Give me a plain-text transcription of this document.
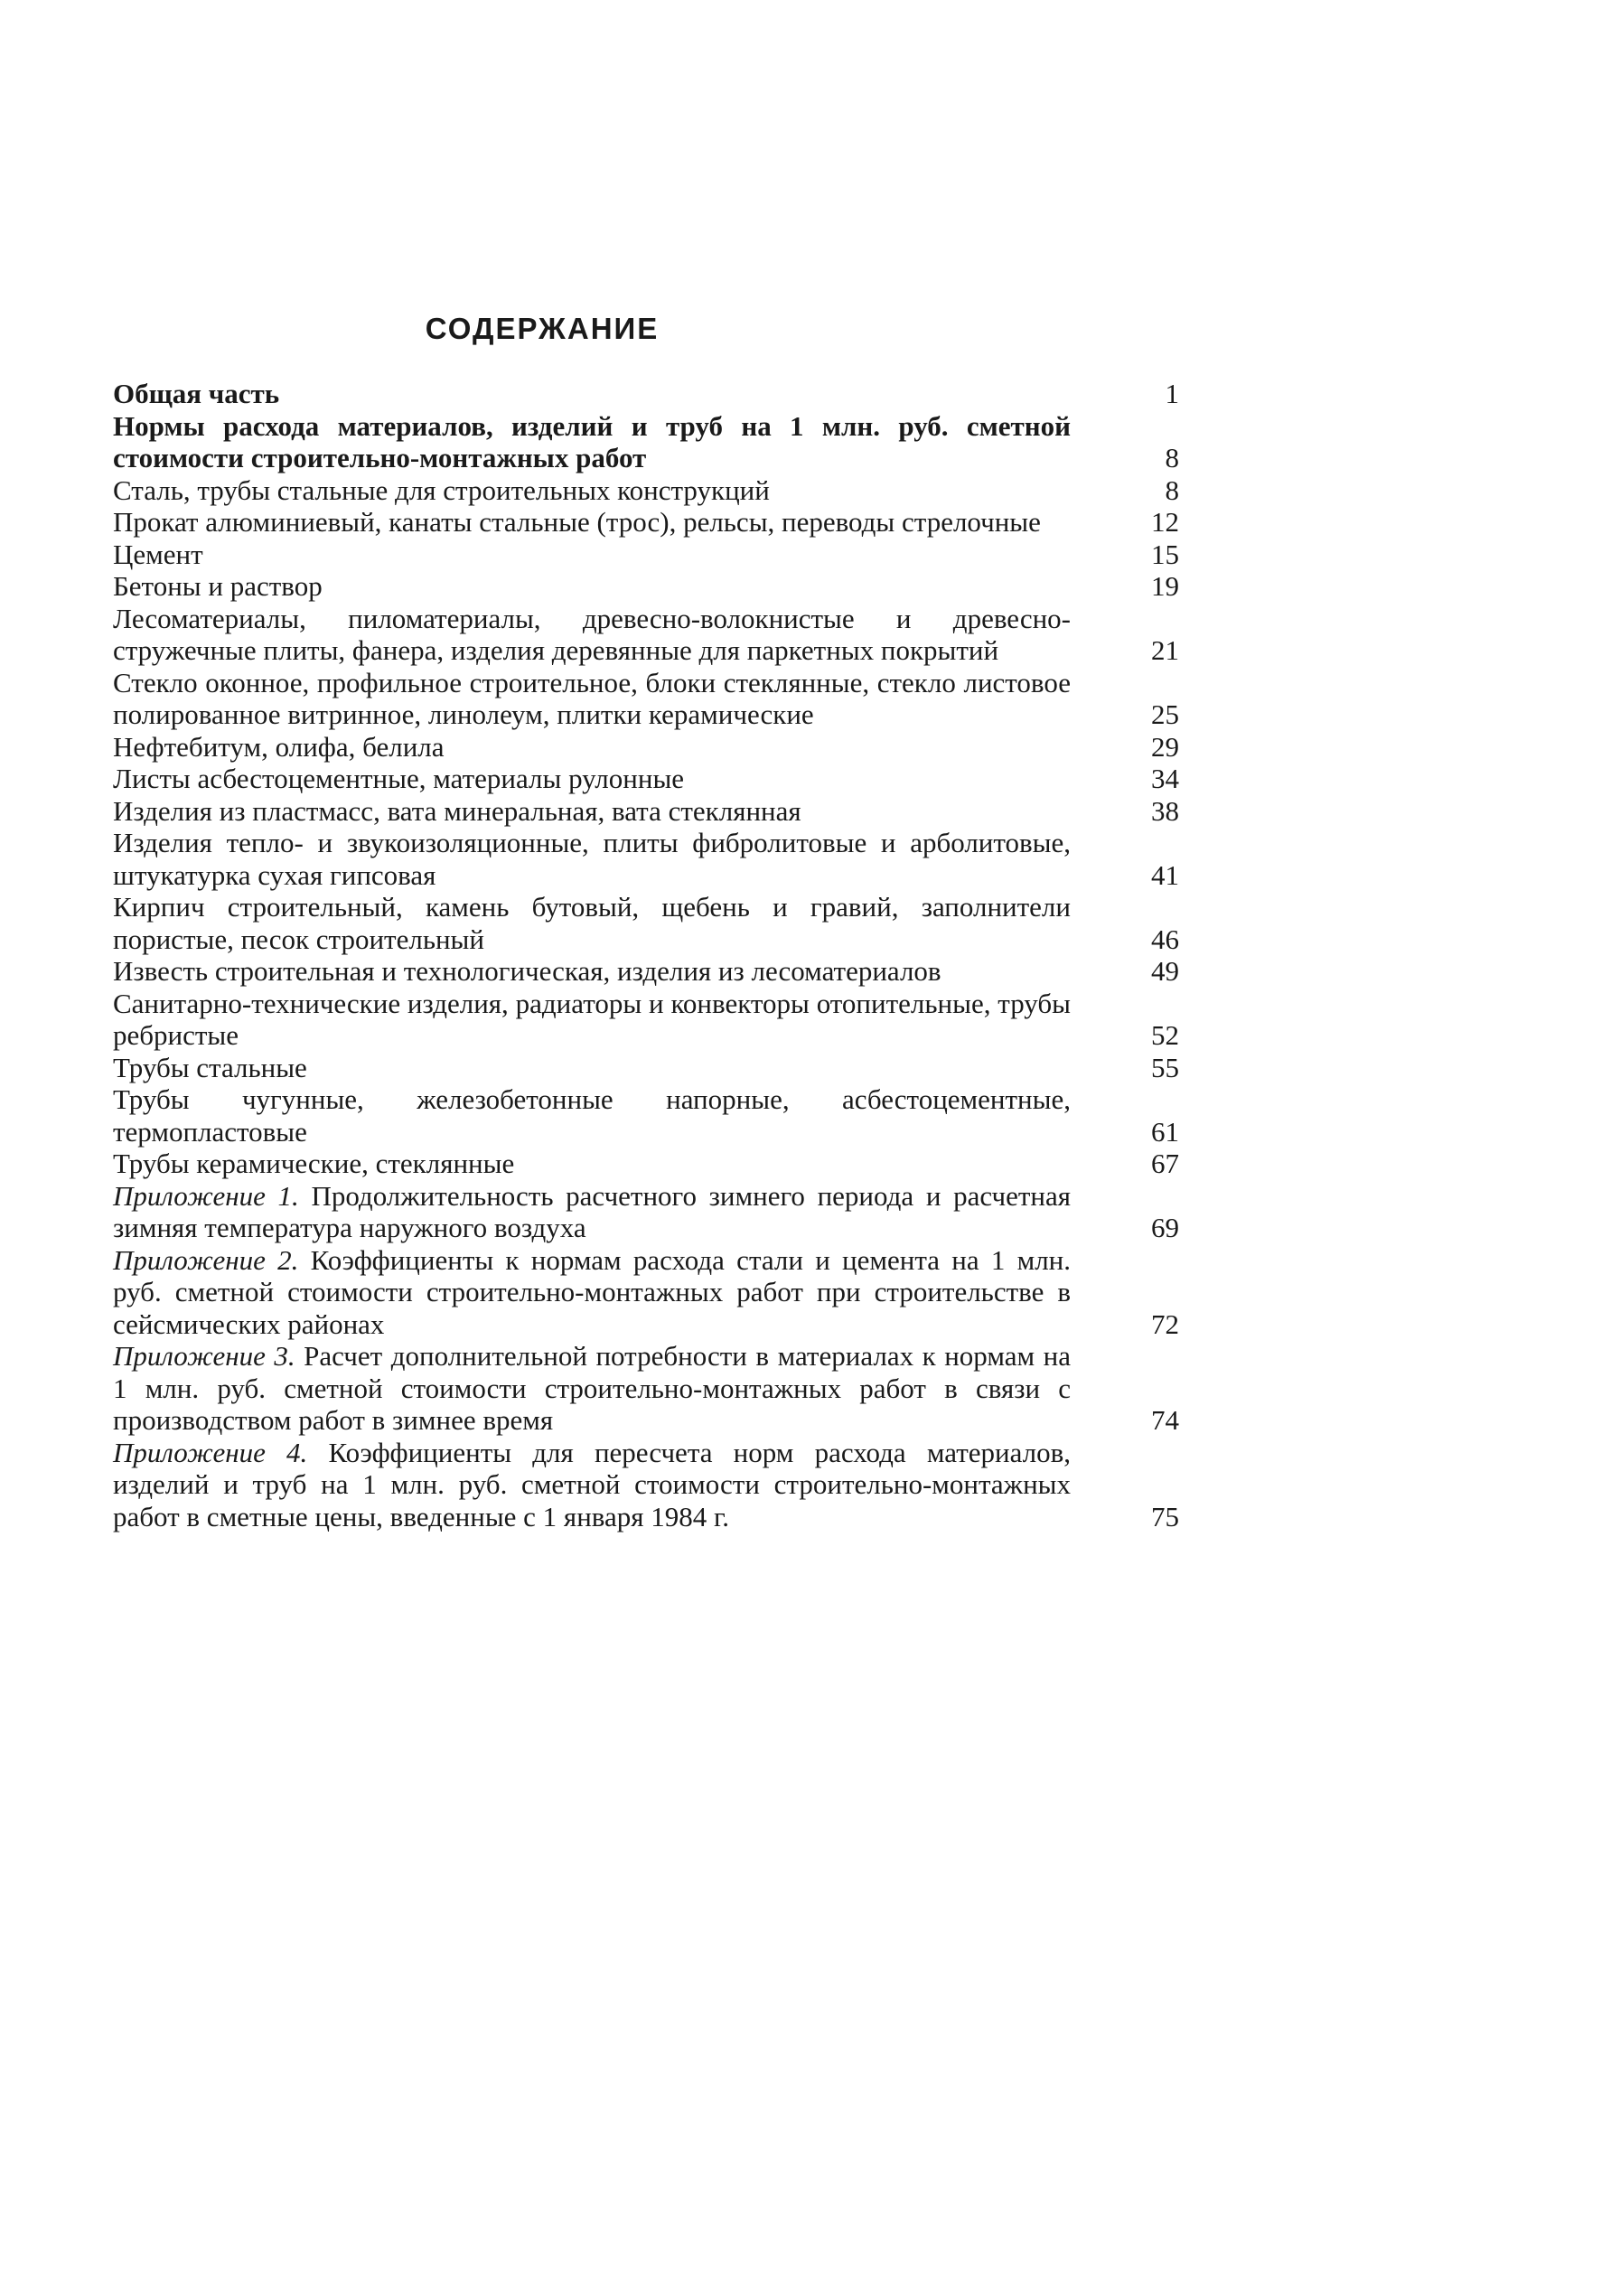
СОДЕРЖАНИЕ
Общая часть	1
Нормы расхода материалов, изделий и труб на 1 млн. руб. сметной стоимости строительно-монтажных работ	8
Сталь, трубы стальные для строительных конструкций	8
Прокат алюминиевый, канаты стальные (трос), рельсы, переводы стрелочные	12
Цемент	15
Бетоны и раствор	19
Лесоматериалы, пиломатериалы, древесно-волокнистые и древесно-стружечные плиты, фанера, изделия деревянные для паркетных покрытий	21
Стекло оконное, профильное строительное, блоки стеклянные, стекло листовое полированное витринное, линолеум, плитки керамические	25
Нефтебитум, олифа, белила	29
Листы асбестоцементные, материалы рулонные	34
Изделия из пластмасс, вата минеральная, вата стеклянная	38
Изделия тепло- и звукоизоляционные, плиты фибролитовые и арболитовые, штукатурка сухая гипсовая	41
Кирпич строительный, камень бутовый, щебень и гравий, заполнители пористые, песок строительный	46
Известь строительная и технологическая, изделия из лесоматериалов	49
Санитарно-технические изделия, радиаторы и конвекторы отопительные, трубы ребристые	52
Трубы стальные	55
Трубы чугунные, железобетонные напорные, асбестоцементные, термопластовые	61
Трубы керамические, стеклянные	67
Приложение 1. Продолжительность расчетного зимнего периода и расчетная зимняя температура наружного воздуха	69
Приложение 2. Коэффициенты к нормам расхода стали и цемента на 1 млн. руб. сметной стоимости строительно-монтажных работ при строительстве в сейсмических районах	72
Приложение 3. Расчет дополнительной потребности в материалах к нормам на 1 млн. руб. сметной стоимости строительно-монтажных работ в связи с производством работ в зимнее время	74
Приложение 4. Коэффициенты для пересчета норм расхода материалов, изделий и труб на 1 млн. руб. сметной стоимости строительно-монтажных работ в сметные цены, введенные с 1 января 1984 г.	75
